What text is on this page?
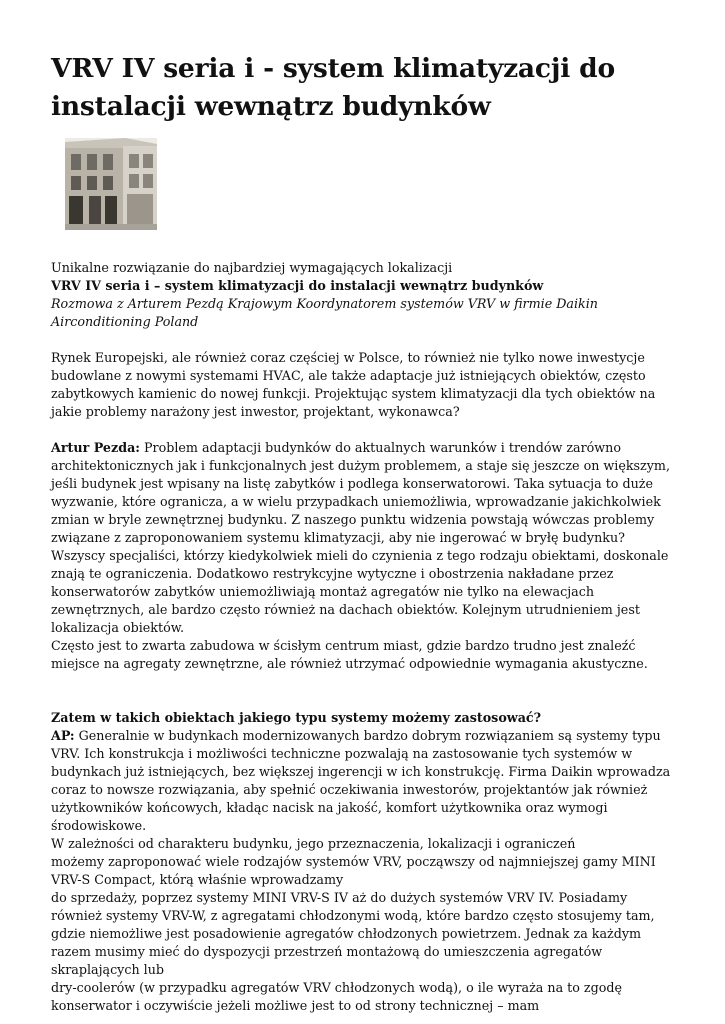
VRV IV seria i - system klimatyzacji do instalacji wewnątrz budynków

Unikalne rozwiązanie do najbardziej wymagających lokalizacji

VRV IV seria i – system klimatyzacji do instalacji wewnątrz budynków

Rozmowa z Arturem Pezdą Krajowym Koordynatorem systemów VRV w firmie Daikin Airconditioning Poland

Rynek Europejski, ale również coraz częściej w Polsce, to również nie tylko nowe inwestycje budowlane z nowymi systemami HVAC, ale także adaptacje już istniejących obiektów, często zabytkowych kamienic do nowej funkcji. Projektując system klimatyzacji dla tych obiektów na jakie problemy narażony jest inwestor, projektant, wykonawca?

Artur Pezda: Problem adaptacji budynków do aktualnych warunków i trendów zarówno architektonicznych jak i funkcjonalnych jest dużym problemem, a staje się jeszcze on większym, jeśli budynek jest wpisany na listę zabytków i podlega konserwatorowi. Taka sytuacja to duże wyzwanie, które ogranicza, a w wielu przypadkach uniemożliwia, wprowadzanie jakichkolwiek zmian w bryle zewnętrznej budynku. Z naszego punktu widzenia powstają wówczas problemy związane z zaproponowaniem systemu klimatyzacji, aby nie ingerować w bryłę budynku? Wszyscy specjaliści, którzy kiedykolwiek mieli do czynienia z tego rodzaju obiektami, doskonale znają te ograniczenia. Dodatkowo restrykcyjne wytyczne i obostrzenia nakładane przez konserwatorów zabytków uniemożliwiają montaż agregatów nie tylko na elewacjach zewnętrznych, ale bardzo często również na dachach obiektów. Kolejnym utrudnieniem jest lokalizacja obiektów.

Często jest to zwarta zabudowa w ścisłym centrum miast, gdzie bardzo trudno jest znaleźć miejsce na agregaty zewnętrzne, ale również utrzymać odpowiednie wymagania akustyczne.

Zatem w takich obiektach jakiego typu systemy możemy zastosować?

AP: Generalnie w budynkach modernizowanych bardzo dobrym rozwiązaniem są systemy typu VRV. Ich konstrukcja i możliwości techniczne pozwalają na zastosowanie tych systemów w budynkach już istniejących, bez większej ingerencji w ich konstrukcję. Firma Daikin wprowadza coraz to nowsze rozwiązania, aby spełnić oczekiwania inwestorów, projektantów jak również

użytkowników końcowych, kładąc nacisk na jakość, komfort użytkownika oraz wymogi środowiskowe.

W zależności od charakteru budynku, jego przeznaczenia, lokalizacji i ograniczeń

możemy zaproponować wiele rodzajów systemów VRV, począwszy od najmniejszej gamy MINI VRV-S Compact, którą właśnie wprowadzamy

do sprzedaży, poprzez systemy MINI VRV-S IV aż do dużych systemów VRV IV. Posiadamy również systemy VRV-W, z agregatami chłodzonymi wodą, które bardzo często stosujemy tam, gdzie niemożliwe jest posadowienie agregatów chłodzonych powietrzem. Jednak za każdym razem musimy mieć do dyspozycji przestrzeń montażową do umieszczenia agregatów skraplających lub

dry-coolerów (w przypadku agregatów VRV chłodzonych wodą), o ile wyraża na to zgodę konserwator i oczywiście jeżeli możliwe jest to od strony technicznej – mam
